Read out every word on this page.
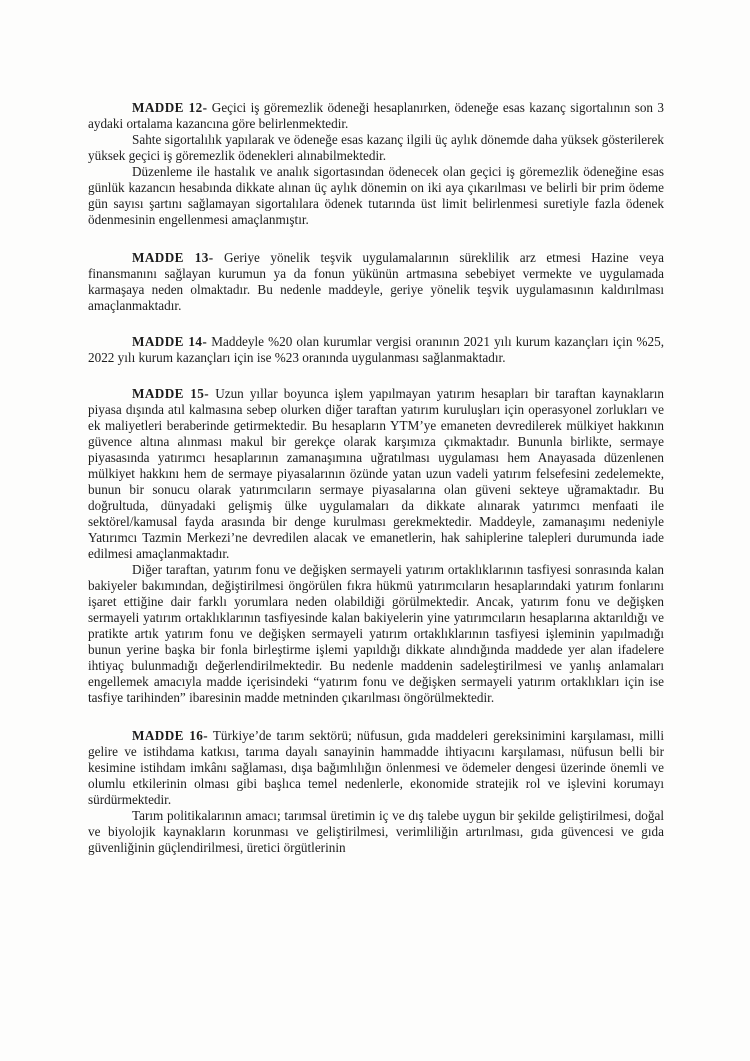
MADDE 12- Geçici iş göremezlik ödeneği hesaplanırken, ödeneğe esas kazanç sigortalının son 3 aydaki ortalama kazancına göre belirlenmektedir.

Sahte sigortalılık yapılarak ve ödeneğe esas kazanç ilgili üç aylık dönemde daha yüksek gösterilerek yüksek geçici iş göremezlik ödenekleri alınabilmektedir.

Düzenleme ile hastalık ve analık sigortasından ödenecek olan geçici iş göremezlik ödeneğine esas günlük kazancın hesabında dikkate alınan üç aylık dönemin on iki aya çıkarılması ve belirli bir prim ödeme gün sayısı şartını sağlamayan sigortalılara ödenek tutarında üst limit belirlenmesi suretiyle fazla ödenek ödenmesinin engellenmesi amaçlanmıştır.

MADDE 13- Geriye yönelik teşvik uygulamalarının süreklilik arz etmesi Hazine veya finansmanını sağlayan kurumun ya da fonun yükünün artmasına sebebiyet vermekte ve uygulamada karmaşaya neden olmaktadır. Bu nedenle maddeyle, geriye yönelik teşvik uygulamasının kaldırılması amaçlanmaktadır.

MADDE 14- Maddeyle %20 olan kurumlar vergisi oranının 2021 yılı kurum kazançları için %25, 2022 yılı kurum kazançları için ise %23 oranında uygulanması sağlanmaktadır.

MADDE 15- Uzun yıllar boyunca işlem yapılmayan yatırım hesapları bir taraftan kaynakların piyasa dışında atıl kalmasına sebep olurken diğer taraftan yatırım kuruluşları için operasyonel zorlukları ve ek maliyetleri beraberinde getirmektedir. Bu hesapların YTM’ye emaneten devredilerek mülkiyet hakkının güvence altına alınması makul bir gerekçe olarak karşımıza çıkmaktadır. Bununla birlikte, sermaye piyasasında yatırımcı hesaplarının zamanaşımına uğratılması uygulaması hem Anayasada düzenlenen mülkiyet hakkını hem de sermaye piyasalarının özünde yatan uzun vadeli yatırım felsefesini zedelemekte, bunun bir sonucu olarak yatırımcıların sermaye piyasalarına olan güveni sekteye uğramaktadır. Bu doğrultuda, dünyadaki gelişmiş ülke uygulamaları da dikkate alınarak yatırımcı menfaati ile sektörel/kamusal fayda arasında bir denge kurulması gerekmektedir. Maddeyle, zamanaşımı nedeniyle Yatırımcı Tazmin Merkezi’ne devredilen alacak ve emanetlerin, hak sahiplerine talepleri durumunda iade edilmesi amaçlanmaktadır.

Diğer taraftan, yatırım fonu ve değişken sermayeli yatırım ortaklıklarının tasfiyesi sonrasında kalan bakiyeler bakımından, değiştirilmesi öngörülen fıkra hükmü yatırımcıların hesaplarındaki yatırım fonlarını işaret ettiğine dair farklı yorumlara neden olabildiği görülmektedir. Ancak, yatırım fonu ve değişken sermayeli yatırım ortaklıklarının tasfiyesinde kalan bakiyelerin yine yatırımcıların hesaplarına aktarıldığı ve pratikte artık yatırım fonu ve değişken sermayeli yatırım ortaklıklarının tasfiyesi işleminin yapılmadığı bunun yerine başka bir fonla birleştirme işlemi yapıldığı dikkate alındığında maddede yer alan ifadelere ihtiyaç bulunmadığı değerlendirilmektedir. Bu nedenle maddenin sadeleştirilmesi ve yanlış anlamaları engellemek amacıyla madde içerisindeki “yatırım fonu ve değişken sermayeli yatırım ortaklıkları için ise tasfiye tarihinden” ibaresinin madde metninden çıkarılması öngörülmektedir.

MADDE 16- Türkiye’de tarım sektörü; nüfusun, gıda maddeleri gereksinimini karşılaması, milli gelire ve istihdama katkısı, tarıma dayalı sanayinin hammadde ihtiyacını karşılaması, nüfusun belli bir kesimine istihdam imkânı sağlaması, dışa bağımlılığın önlenmesi ve ödemeler dengesi üzerinde önemli ve olumlu etkilerinin olması gibi başlıca temel nedenlerle, ekonomide stratejik rol ve işlevini korumayı sürdürmektedir.

Tarım politikalarının amacı; tarımsal üretimin iç ve dış talebe uygun bir şekilde geliştirilmesi, doğal ve biyolojik kaynakların korunması ve geliştirilmesi, verimliliğin artırılması, gıda güvencesi ve gıda güvenliğinin güçlendirilmesi, üretici örgütlerinin
